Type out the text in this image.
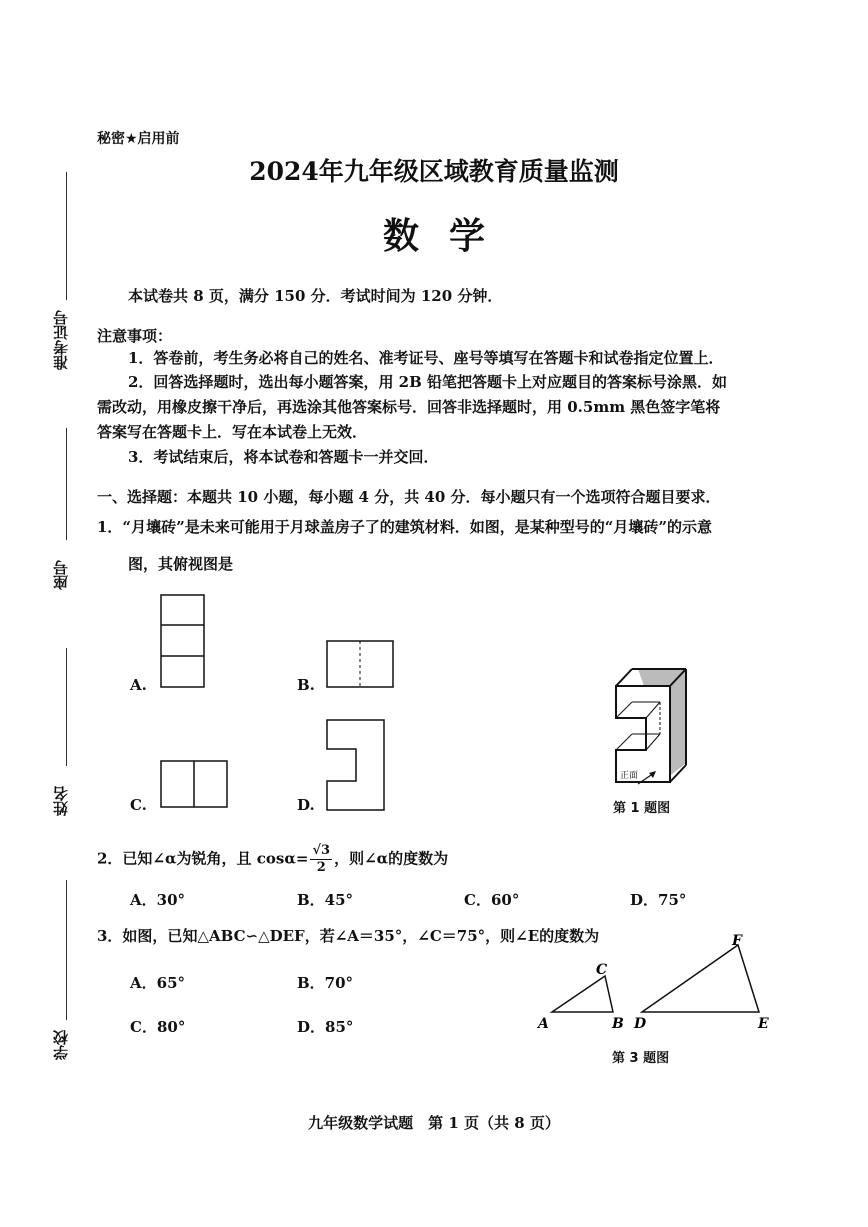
准考证号
座号
姓名
学校
秘密★启用前
2024年九年级区域教育质量监测
数学
本试卷共 8 页，满分 150 分．考试时间为 120 分钟．
注意事项：
1．答卷前，考生务必将自己的姓名、准考证号、座号等填写在答题卡和试卷指定位置上．
2．回答选择题时，选出每小题答案，用 2B 铅笔把答题卡上对应题目的答案标号涂黑．如
需改动，用橡皮擦干净后，再选涂其他答案标号．回答非选择题时，用 0.5mm 黑色签字笔将
答案写在答题卡上．写在本试卷上无效．
3．考试结束后，将本试卷和答题卡一并交回．
一、选择题：本题共 10 小题，每小题 4 分，共 40 分．每小题只有一个选项符合题目要求．
1．“月壤砖”是未来可能用于月球盖房子了的建筑材料．如图，是某种型号的“月壤砖”的示意
图，其俯视图是
A.	B.
C.	D.
正面
第 1 题图
2．已知∠α为锐角，且 $\cos\alpha= \frac{√3}{2}$ ，则∠α的度数为
A．30°	B．45°	C．60°	D．75°
3．如图，已知△ABC∽△DEF，若∠A＝35°，∠C＝75°，则∠E的度数为
A．65°	B．70°
C．80°	D．85°	A	B
C
D	E
F
第 3 题图
九年级数学试题　第 1 页（共 8 页）
